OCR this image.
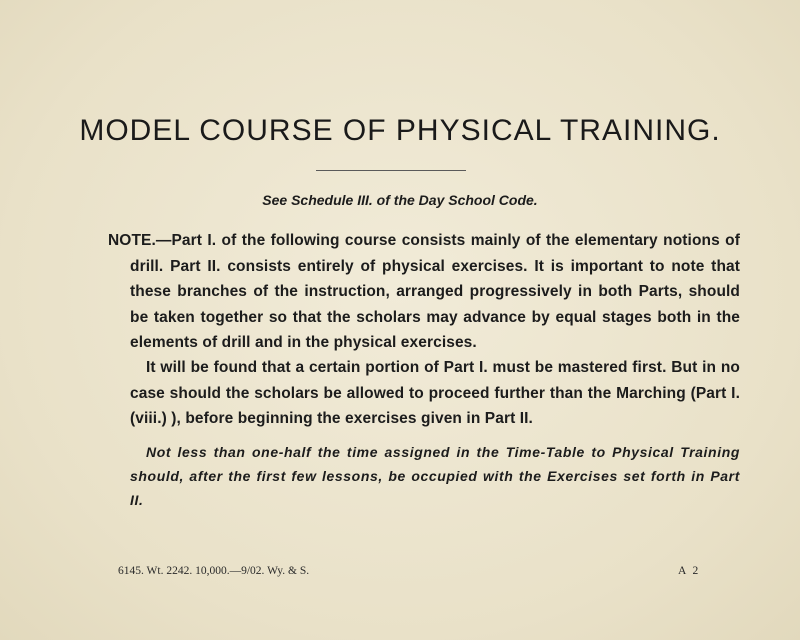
MODEL COURSE OF PHYSICAL TRAINING.
See Schedule III. of the Day School Code.

NOTE.—Part I. of the following course consists mainly of the elementary notions of drill. Part II. consists entirely of physical exercises. It is important to note that these branches of the instruction, arranged progressively in both Parts, should be taken together so that the scholars may advance by equal stages both in the elements of drill and in the physical exercises.

It will be found that a certain portion of Part I. must be mastered first. But in no case should the scholars be allowed to proceed further than the Marching (Part I. (viii.) ), before beginning the exercises given in Part II.

Not less than one-half the time assigned in the Time-Table to Physical Training should, after the first few lessons, be occupied with the Exercises set forth in Part II.

6145. Wt. 2242. 10,000.—9/02. Wy. & S.	A 2
